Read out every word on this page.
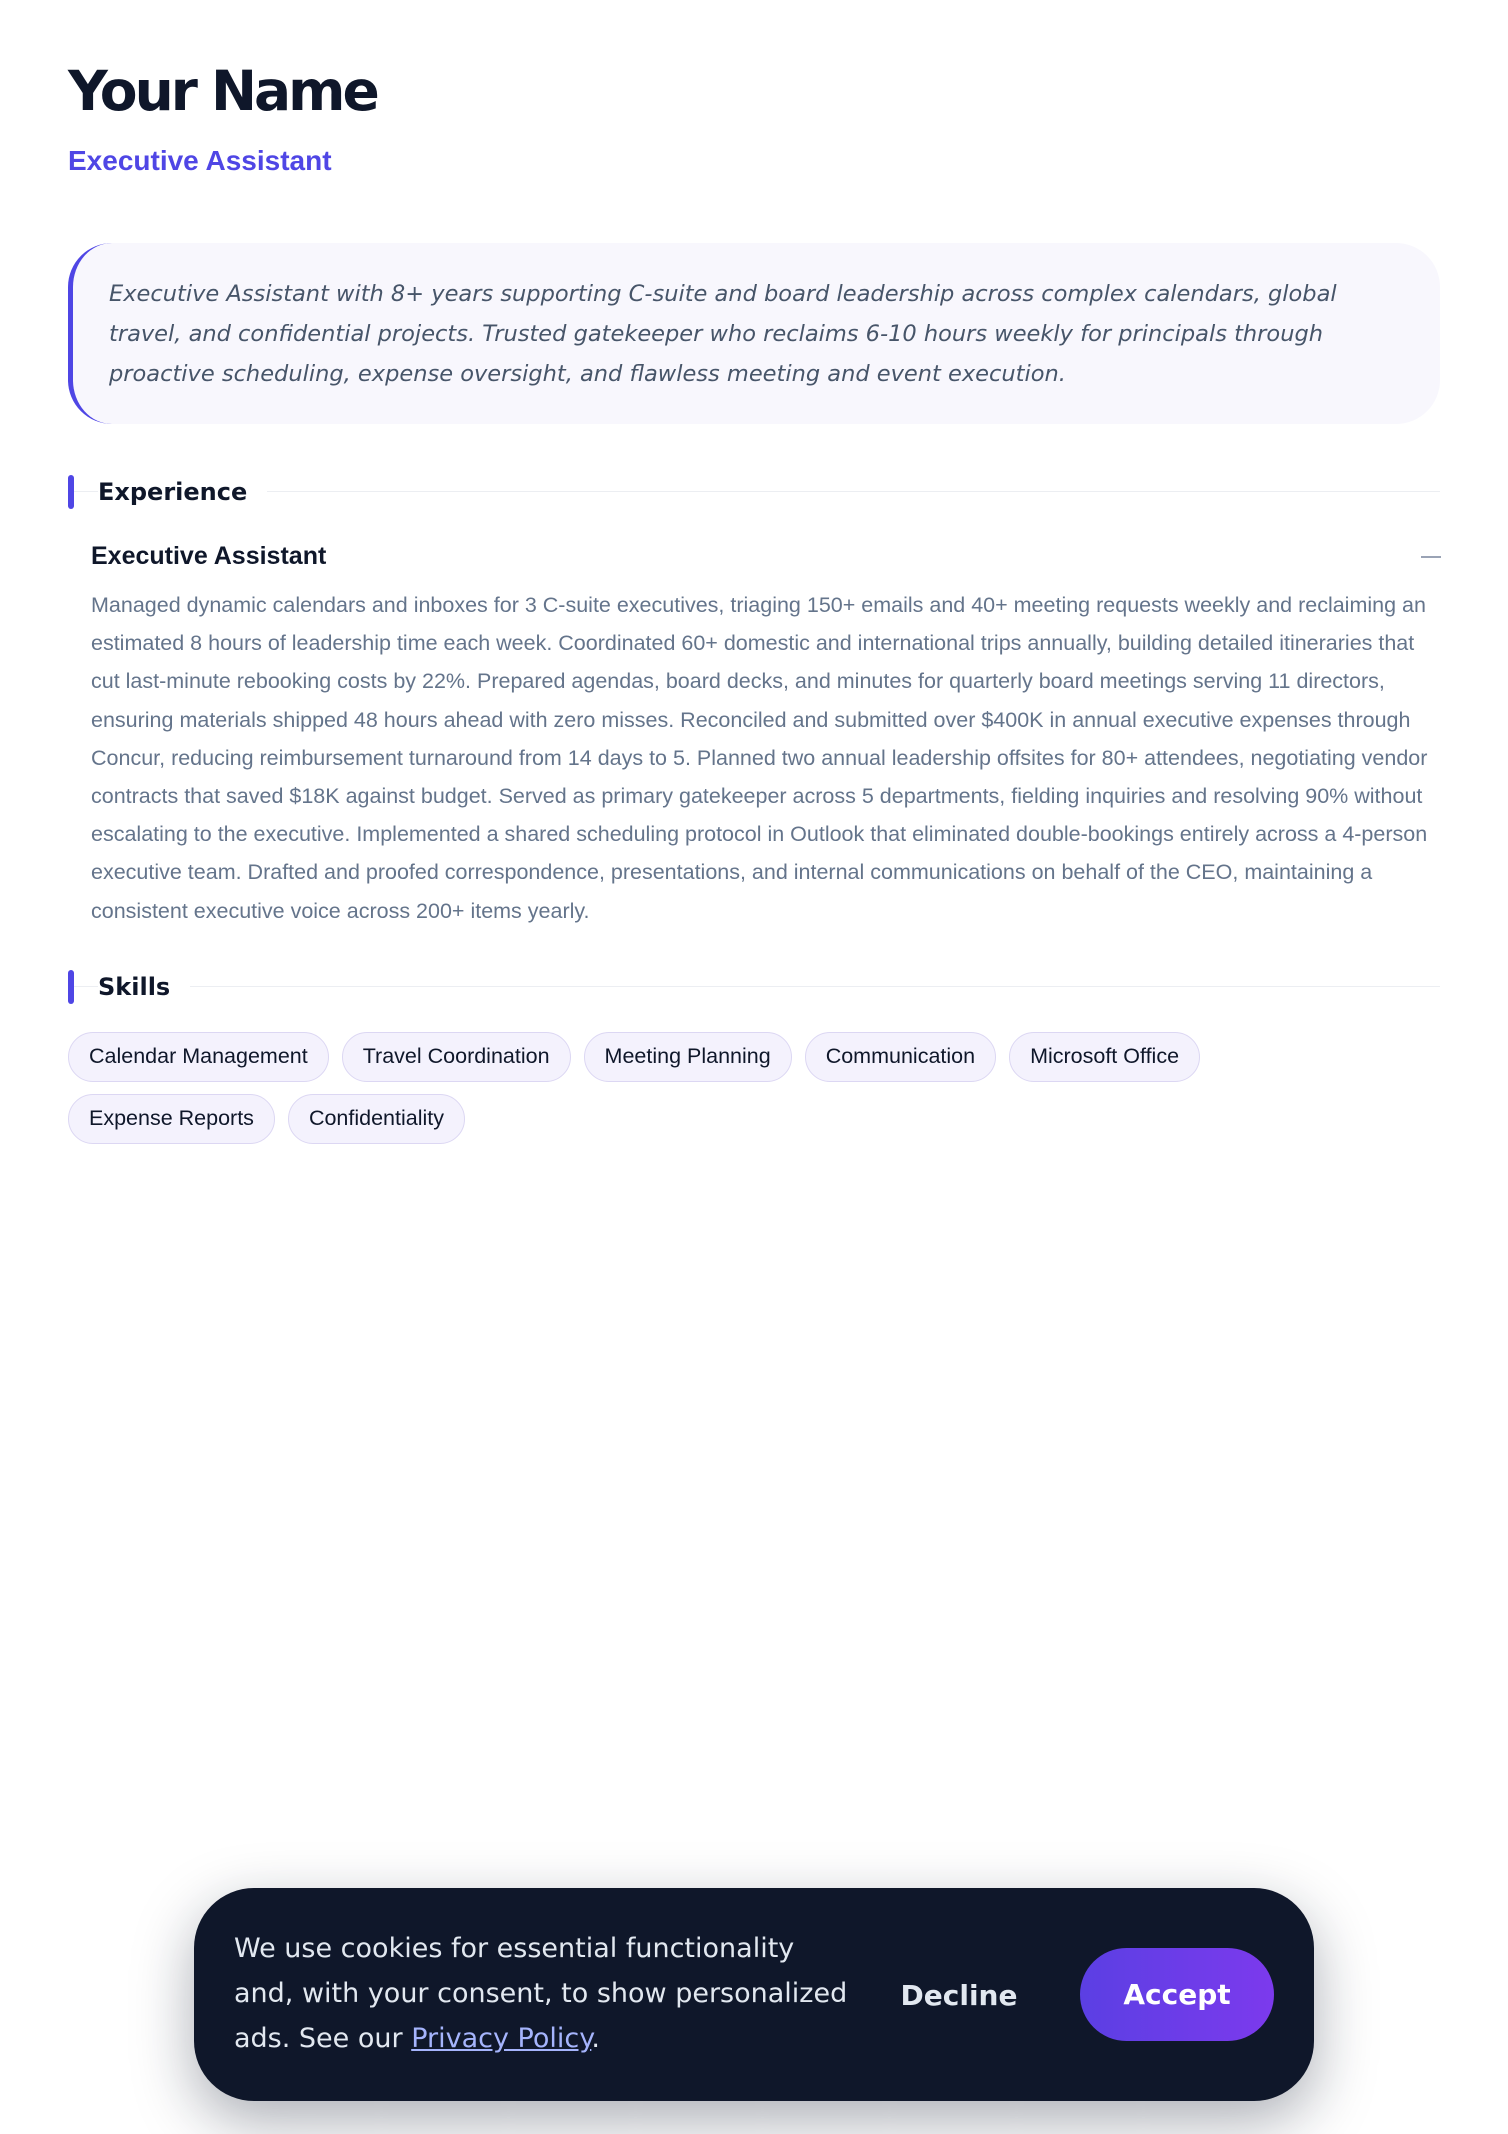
Your Name
Executive Assistant

Executive Assistant with 8+ years supporting C-suite and board leadership across complex calendars, global travel, and confidential projects. Trusted gatekeeper who reclaims 6-10 hours weekly for principals through proactive scheduling, expense oversight, and flawless meeting and event execution.

Experience
Executive Assistant

Managed dynamic calendars and inboxes for 3 C-suite executives, triaging 150+ emails and 40+ meeting requests weekly and reclaiming an estimated 8 hours of leadership time each week. Coordinated 60+ domestic and international trips annually, building detailed itineraries that cut last-minute rebooking costs by 22%. Prepared agendas, board decks, and minutes for quarterly board meetings serving 11 directors, ensuring materials shipped 48 hours ahead with zero misses. Reconciled and submitted over $400K in annual executive expenses through Concur, reducing reimbursement turnaround from 14 days to 5. Planned two annual leadership offsites for 80+ attendees, negotiating vendor contracts that saved $18K against budget. Served as primary gatekeeper across 5 departments, fielding inquiries and resolving 90% without escalating to the executive. Implemented a shared scheduling protocol in Outlook that eliminated double-bookings entirely across a 4-person executive team. Drafted and proofed correspondence, presentations, and internal communications on behalf of the CEO, maintaining a consistent executive voice across 200+ items yearly.

Skills
Calendar Management	Travel Coordination	Meeting Planning	Communication	Microsoft Office
Expense Reports	Confidentiality
We use cookies for essential functionality and, with your consent, to show personalized ads. See our Privacy Policy.
Decline	Accept
